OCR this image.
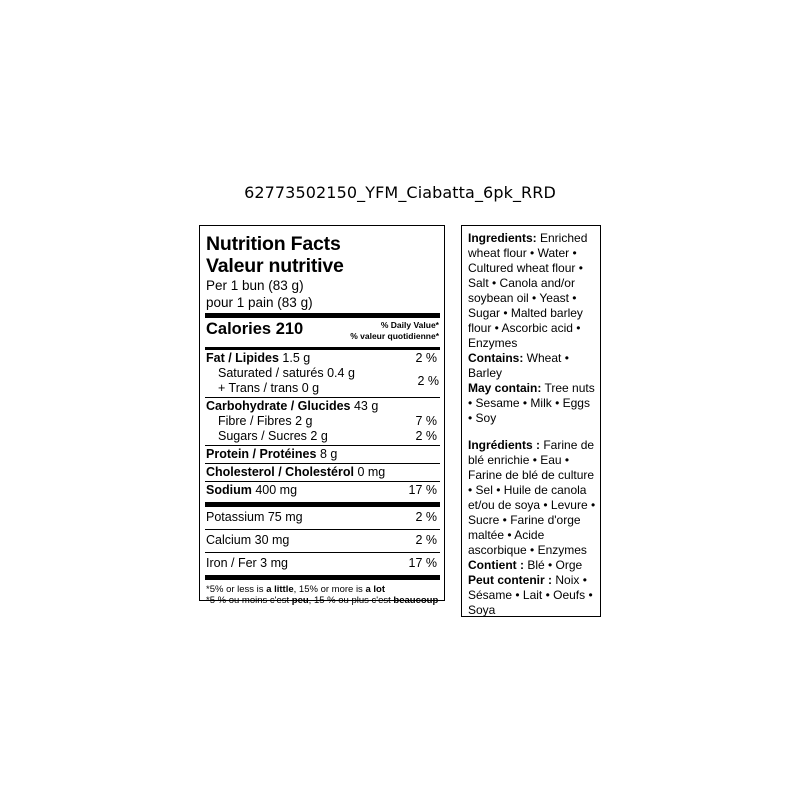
62773502150_YFM_Ciabatta_6pk_RRD
Nutrition Facts
Valeur nutritive
Per 1 bun (83 g)
pour 1 pain (83 g)
Calories 210	% Daily Value*
% valeur quotidienne*
Fat / Lipides 1.5 g	2 %
Saturated / saturés 0.4 g
+ Trans / trans 0 g
2 %
Carbohydrate / Glucides 43 g
Fibre / Fibres 2 g	7 %
Sugars / Sucres 2 g	2 %
Protein / Protéines 8 g
Cholesterol / Cholestérol 0 mg
Sodium 400 mg	17 %
Potassium 75 mg	2 %
Calcium 30 mg	2 %
Iron / Fer 3 mg	17 %
*5% or less is a little, 15% or more is a lot
*5 % ou moins c'est peu, 15 % ou plus c'est beaucoup

Ingredients: Enriched wheat flour • Water • Cultured wheat flour • Salt • Canola and/or soybean oil • Yeast • Sugar • Malted barley flour • Ascorbic acid • Enzymes

Contains: Wheat • Barley

May contain: Tree nuts • Sesame • Milk • Eggs • Soy

Ingrédients : Farine de blé enrichie • Eau • Farine de blé de culture • Sel • Huile de canola et/ou de soya • Levure • Sucre • Farine d'orge maltée • Acide ascorbique • Enzymes

Contient : Blé • Orge

Peut contenir : Noix • Sésame • Lait • Oeufs • Soya
